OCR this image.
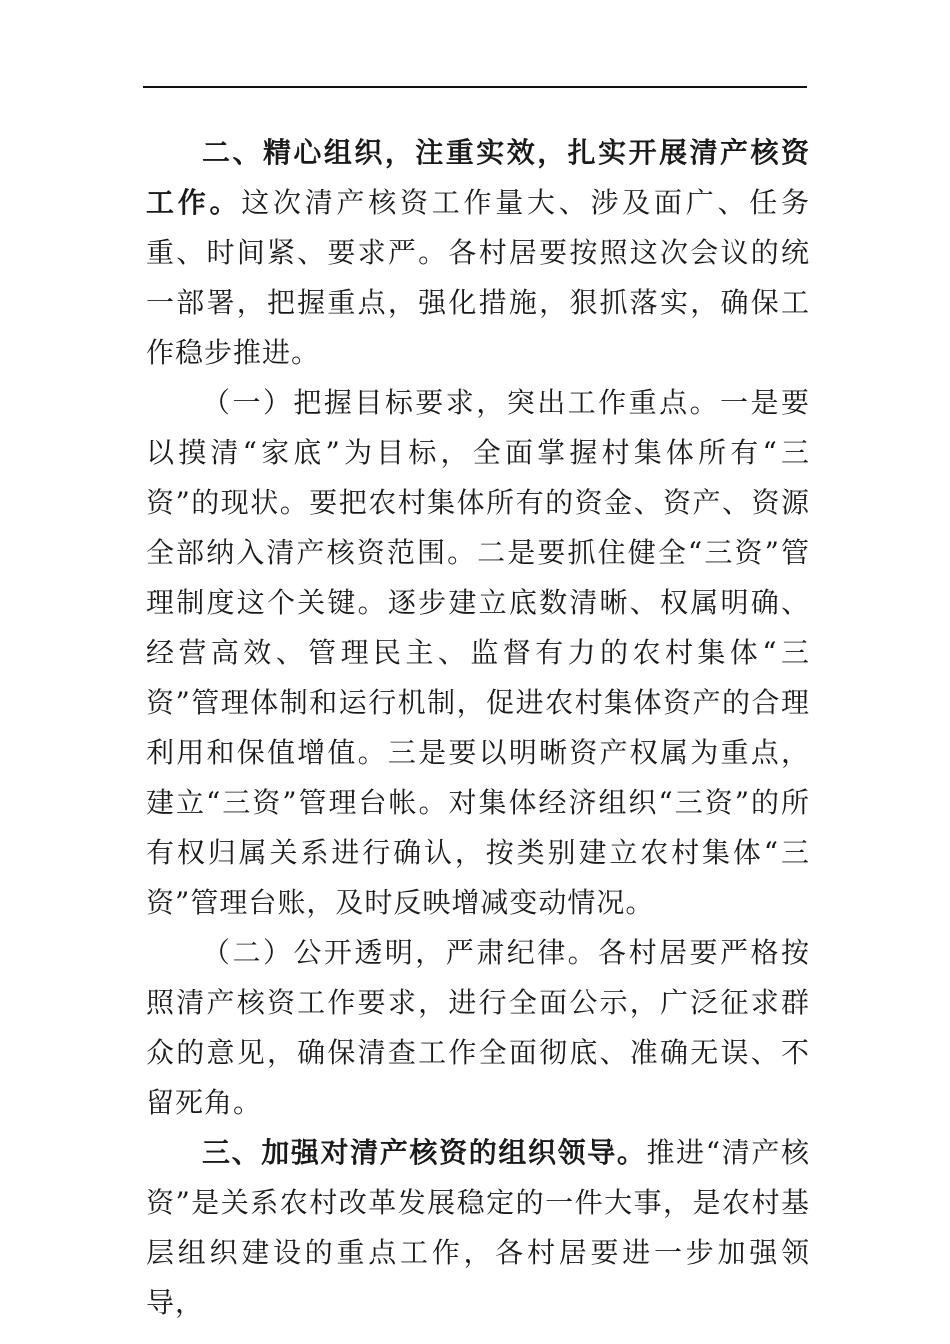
二、精心组织，注重实效，扎实开展清产核资工作。这次清产核资工作量大、涉及面广、任务重、时间紧、要求严。各村居要按照这次会议的统一部署，把握重点，强化措施，狠抓落实，确保工作稳步推进。

（一）把握目标要求，突出工作重点。一是要以摸清“家底”为目标，全面掌握村集体所有“三资”的现状。要把农村集体所有的资金、资产、资源全部纳入清产核资范围。二是要抓住健全“三资”管理制度这个关键。逐步建立底数清晰、权属明确、经营高效、管理民主、监督有力的农村集体“三资”管理体制和运行机制，促进农村集体资产的合理利用和保值增值。三是要以明晰资产权属为重点，建立“三资”管理台帐。对集体经济组织“三资”的所有权归属关系进行确认，按类别建立农村集体“三资”管理台账，及时反映增减变动情况。

（二）公开透明，严肃纪律。各村居要严格按照清产核资工作要求，进行全面公示，广泛征求群众的意见，确保清查工作全面彻底、准确无误、不留死角。

三、加强对清产核资的组织领导。推进“清产核资”是关系农村改革发展稳定的一件大事，是农村基层组织建设的重点工作，各村居要进一步加强领导，
